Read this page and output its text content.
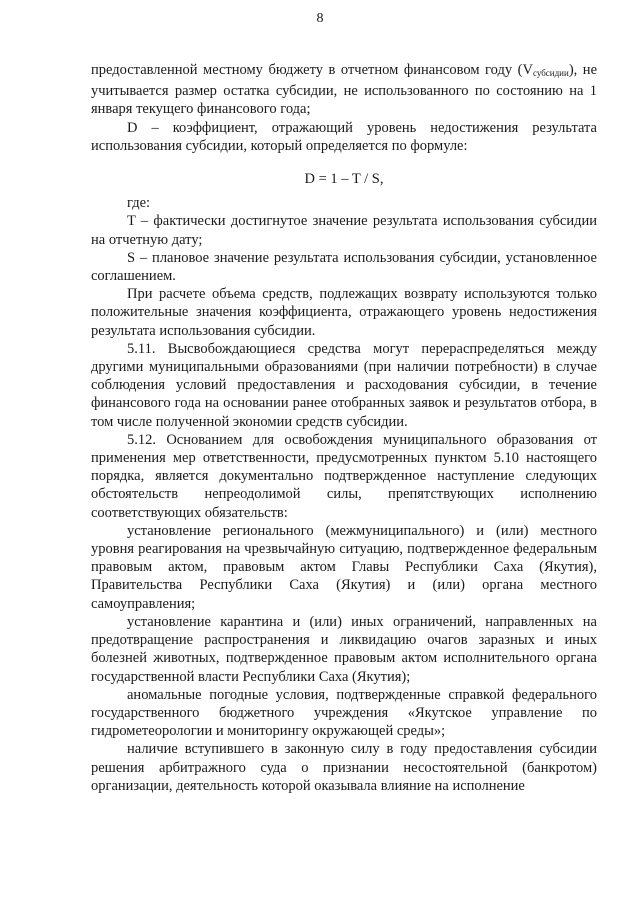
8

предоставленной местному бюджету в отчетном финансовом году $(V_{субсидии})$, не учитывается размер остатка субсидии, не использованного по состоянию на 1 января текущего финансового года;

D – коэффициент, отражающий уровень недостижения результата использования субсидии, который определяется по формуле:

D = 1 – T / S,

где:

T – фактически достигнутое значение результата использования субсидии на отчетную дату;

S – плановое значение результата использования субсидии, установленное соглашением.

При расчете объема средств, подлежащих возврату используются только положительные значения коэффициента, отражающего уровень недостижения результата использования субсидии.

5.11. Высвобождающиеся средства могут перераспределяться между другими муниципальными образованиями (при наличии потребности) в случае соблюдения условий предоставления и расходования субсидии, в течение финансового года на основании ранее отобранных заявок и результатов отбора, в том числе полученной экономии средств субсидии.

5.12. Основанием для освобождения муниципального образования от применения мер ответственности, предусмотренных пунктом 5.10 настоящего порядка, является документально подтвержденное наступление следующих обстоятельств непреодолимой силы, препятствующих исполнению соответствующих обязательств:

установление регионального (межмуниципального) и (или) местного уровня реагирования на чрезвычайную ситуацию, подтвержденное федеральным правовым актом, правовым актом Главы Республики Саха (Якутия), Правительства Республики Саха (Якутия) и (или) органа местного самоуправления;

установление карантина и (или) иных ограничений, направленных на предотвращение распространения и ликвидацию очагов заразных и иных болезней животных, подтвержденное правовым актом исполнительного органа государственной власти Республики Саха (Якутия);

аномальные погодные условия, подтвержденные справкой федерального государственного бюджетного учреждения «Якутское управление по гидрометеорологии и мониторингу окружающей среды»;

наличие вступившего в законную силу в году предоставления субсидии решения арбитражного суда о признании несостоятельной (банкротом) организации, деятельность которой оказывала влияние на исполнение
